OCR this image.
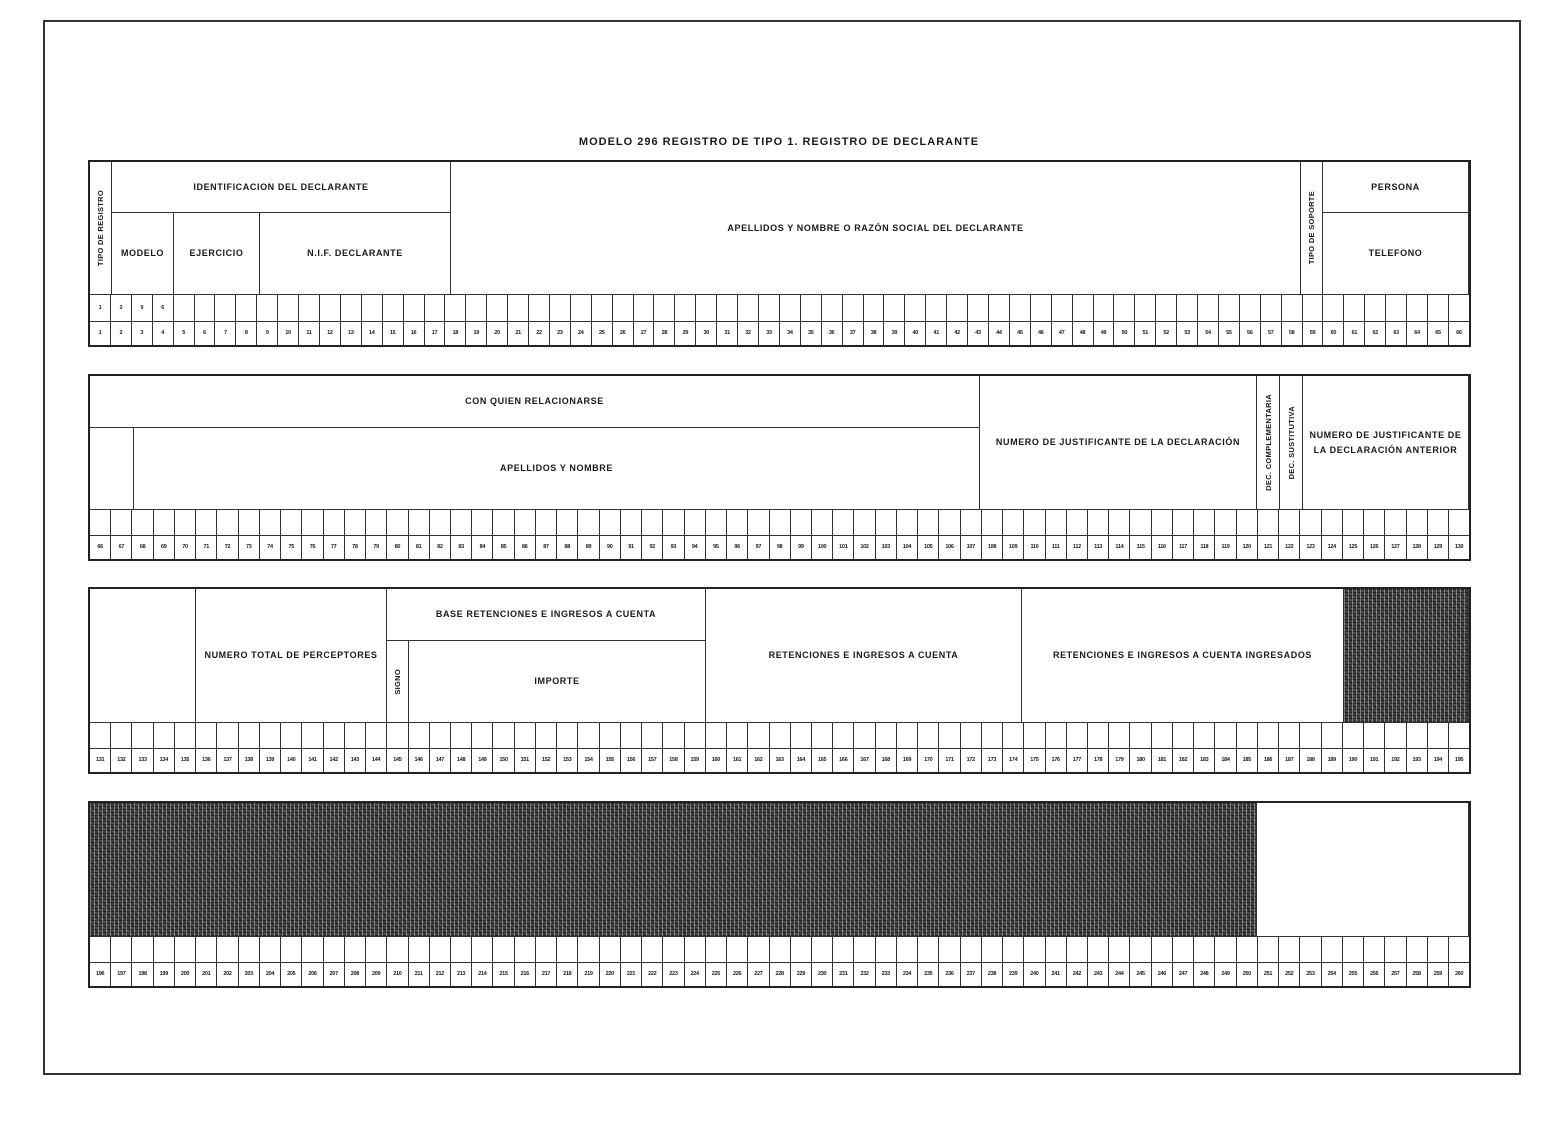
MODELO 296 REGISTRO DE TIPO 1. REGISTRO DE DECLARANTE
TIPO DE REGISTRO
IDENTIFICACION DEL DECLARANTE
MODELO	EJERCICIO	N.I.F. DECLARANTE
APELLIDOS Y NOMBRE O RAZÓN SOCIAL DEL DECLARANTE	TIPO DE SOPORTE
PERSONA
TELEFONO
1	2	9	6
1	2	3	4	5	6	7	8	9	10	11	12	13	14	15	16	17	18	19	20	21	22	23	24	25	26	27	28	29	30	31	32	33	34	35	36	37	38	39	40	41	42	43	44	45	46	47	48	49	50	51	52	53	54	55	56	57	58	59	60	61	62	63	64	65	66
CON QUIEN RELACIONARSE
APELLIDOS Y NOMBRE
NUMERO DE JUSTIFICANTE DE LA DECLARACIÓN	DEC. COMPLEMENTARIA	DEC. SUSTITUTIVA	NUMERO DE JUSTIFICANTE DE LA DECLARACIÓN ANTERIOR
66	67	68	69	70	71	72	73	74	75	76	77	78	79	80	81	82	83	84	85	86	87	88	89	90	91	92	93	94	95	96	97	98	99	100	101	102	103	104	105	106	107	108	109	110	111	112	113	114	115	116	117	118	119	120	121	122	123	124	125	126	127	128	129	130
NUMERO TOTAL DE PERCEPTORES
BASE RETENCIONES E INGRESOS A CUENTA
SIGNO	IMPORTE
RETENCIONES E INGRESOS A CUENTA	RETENCIONES E INGRESOS A CUENTA INGRESADOS
131	132	133	134	135	136	137	138	139	140	141	142	143	144	145	146	147	148	149	150	151	152	153	154	155	156	157	158	159	160	161	162	163	164	165	166	167	168	169	170	171	172	173	174	175	176	177	178	179	180	181	182	183	184	185	186	187	188	189	190	191	192	193	194	195
196	197	198	199	200	201	202	203	204	205	206	207	208	209	210	211	212	213	214	215	216	217	218	219	220	221	222	223	224	225	226	227	228	229	230	231	232	233	234	235	236	237	238	239	240	241	242	243	244	245	246	247	248	249	250	251	252	253	254	255	256	257	258	259	260
